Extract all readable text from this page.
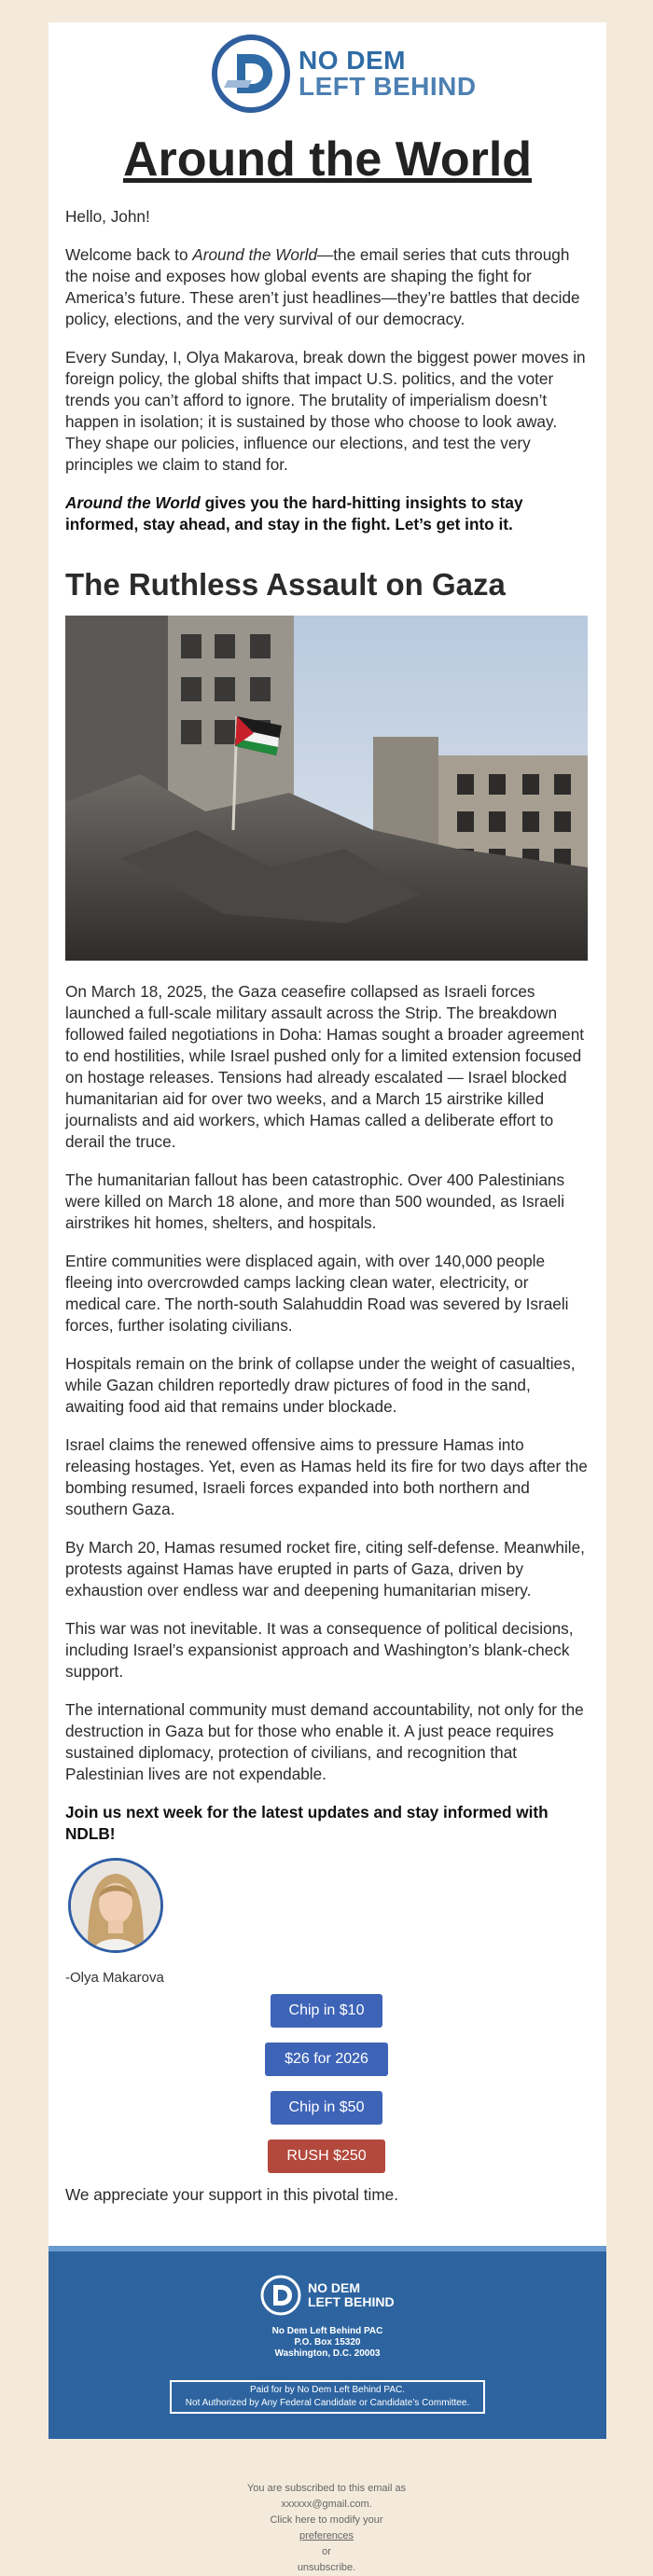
NO DEM
LEFT BEHIND
Around the World

Hello, John!

Welcome back to Around the World—the email series that cuts through the noise and exposes how global events are shaping the fight for America’s future. These aren’t just headlines—they’re battles that decide policy, elections, and the very survival of our democracy.

Every Sunday, I, Olya Makarova, break down the biggest power moves in foreign policy, the global shifts that impact U.S. politics, and the voter trends you can’t afford to ignore. The brutality of imperialism doesn’t happen in isolation; it is sustained by those who choose to look away. They shape our policies, influence our elections, and test the very principles we claim to stand for.

Around the World gives you the hard-hitting insights to stay informed, stay ahead, and stay in the fight. Let’s get into it.

The Ruthless Assault on Gaza

On March 18, 2025, the Gaza ceasefire collapsed as Israeli forces launched a full-scale military assault across the Strip. The breakdown followed failed negotiations in Doha: Hamas sought a broader agreement to end hostilities, while Israel pushed only for a limited extension focused on hostage releases. Tensions had already escalated — Israel blocked humanitarian aid for over two weeks, and a March 15 airstrike killed journalists and aid workers, which Hamas called a deliberate effort to derail the truce.

The humanitarian fallout has been catastrophic. Over 400 Palestinians were killed on March 18 alone, and more than 500 wounded, as Israeli airstrikes hit homes, shelters, and hospitals.

Entire communities were displaced again, with over 140,000 people fleeing into overcrowded camps lacking clean water, electricity, or medical care. The north-south Salahuddin Road was severed by Israeli forces, further isolating civilians.

Hospitals remain on the brink of collapse under the weight of casualties, while Gazan children reportedly draw pictures of food in the sand, awaiting food aid that remains under blockade.

Israel claims the renewed offensive aims to pressure Hamas into releasing hostages. Yet, even as Hamas held its fire for two days after the bombing resumed, Israeli forces expanded into both northern and southern Gaza.

By March 20, Hamas resumed rocket fire, citing self-defense. Meanwhile, protests against Hamas have erupted in parts of Gaza, driven by exhaustion over endless war and deepening humanitarian misery.

This war was not inevitable. It was a consequence of political decisions, including Israel’s expansionist approach and Washington’s blank-check support.

The international community must demand accountability, not only for the destruction in Gaza but for those who enable it. A just peace requires sustained diplomacy, protection of civilians, and recognition that Palestinian lives are not expendable.

Join us next week for the latest updates and stay informed with NDLB!

-Olya Makarova
Chip in $10
$26 for 2026
Chip in $50
RUSH $250
We appreciate your support in this pivotal time.
NO DEM
LEFT BEHIND
No Dem Left Behind PAC
P.O. Box 15320
Washington, D.C. 20003
Paid for by No Dem Left Behind PAC.
Not Authorized by Any Federal Candidate or Candidate’s Committee.
You are subscribed to this email as
xxxxxx@gmail.com.
Click here to modify your
preferences
or
unsubscribe.
